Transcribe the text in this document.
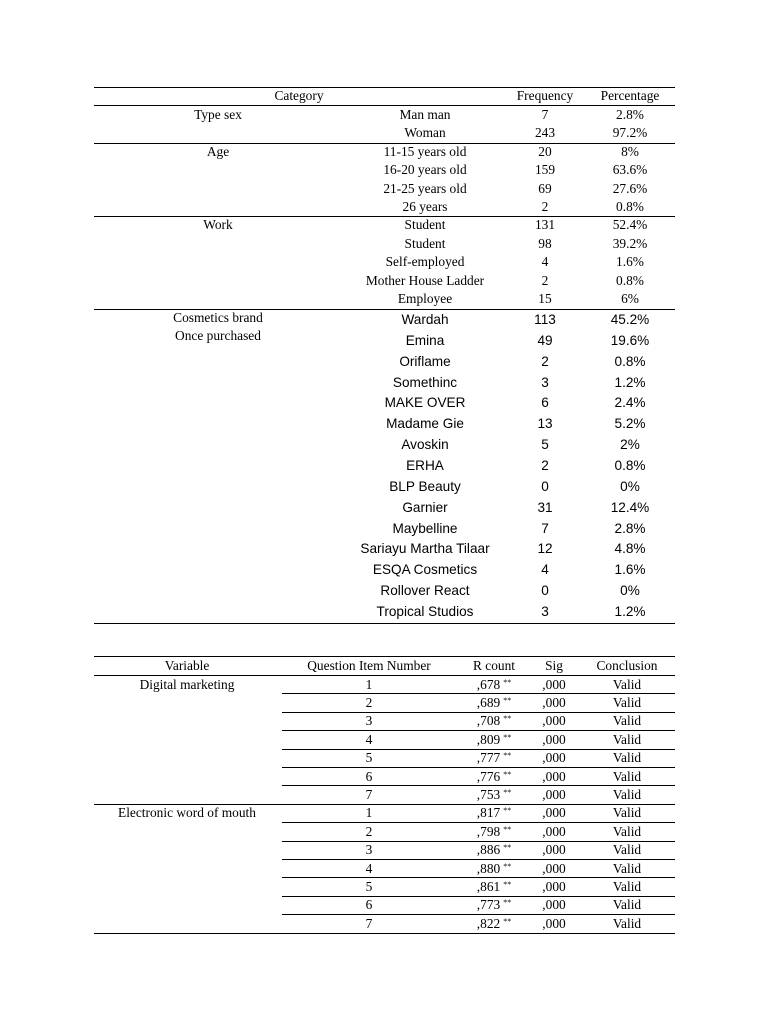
Category	Frequency Percentage
Type sex	Man man	7	2.8%
Woman	243	97.2%
Age	11-15 years old	20	8%
16-20 years old	159	63.6%
21-25 years old	69	27.6%
26 years	2	0.8%
Work	Student	131	52.4%
Student	98	39.2%
Self-employed	4	1.6%
Mother House Ladder	2	0.8%
Employee	15	6%
Cosmetics brand
Once purchased
Wardah	113	45.2%
Emina	49	19.6%
Oriflame	2	0.8%
Somethinc	3	1.2%
MAKE OVER	6	2.4%
Madame Gie	13	5.2%
Avoskin	5	2%
ERHA	2	0.8%
BLP Beauty	0	0%
Garnier	31	12.4%
Maybelline	7	2.8%
Sariayu Martha Tilaar	12	4.8%
ESQA Cosmetics	4	1.6%
Rollover React	0	0%
Tropical Studios	3	1.2%
Variable	Question Item Number	R count Sig	Conclusion
Digital marketing	1	,678 ** ,000	Valid
2	,689 ** ,000	Valid
3	,708 ** ,000	Valid
4	,809 ** ,000	Valid
5	,777 ** ,000	Valid
6	,776 ** ,000	Valid
7	,753 ** ,000	Valid
Electronic word of mouth	1	,817 ** ,000	Valid
2	,798 ** ,000	Valid
3	,886 ** ,000	Valid
4	,880 ** ,000	Valid
5	,861 ** ,000	Valid
6	,773 ** ,000	Valid
7	,822 ** ,000	Valid
